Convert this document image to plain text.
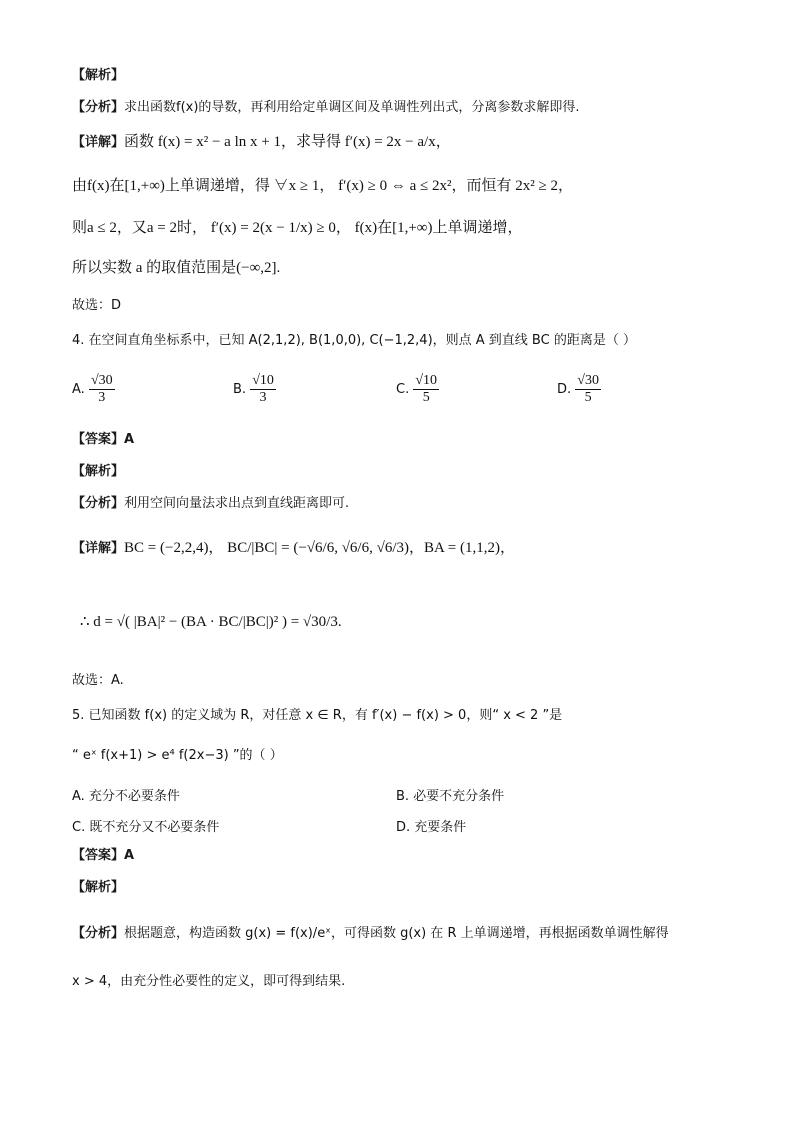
【解析】
【分析】求出函数f(x)的导数，再利用给定单调区间及单调性列出式，分离参数求解即得.
【详解】函数 f(x) = x² − a ln x + 1，求导得 f′(x) = 2x − a/x，
由f(x)在[1,+∞)上单调递增，得 ∀x ≥ 1， f′(x) ≥ 0 ⇔ a ≤ 2x²，而恒有 2x² ≥ 2，
则a ≤ 2，又a = 2时， f′(x) = 2(x − 1/x) ≥ 0， f(x)在[1,+∞)上单调递增，
所以实数 a 的取值范围是(−∞,2].
故选：D
4. 在空间直角坐标系中，已知 A(2,1,2), B(1,0,0), C(−1,2,4)，则点 A 到直线 BC 的距离是（ ）
A. $\frac{√30}{3}$	B. $\frac{√10}{3}$	C. $\frac{√10}{5}$	D. $\frac{√30}{5}$
【答案】A
【解析】
【分析】利用空间向量法求出点到直线距离即可.
【详解】BC = (−2,2,4)， BC/|BC| = (−√6/6, √6/6, √6/3)，BA = (1,1,2)，
∴ d = √( |BA|² − (BA · BC/|BC|)² ) = √30/3.
故选：A.
5. 已知函数 f(x) 的定义域为 R，对任意 x ∈ R，有 f′(x) − f(x) > 0，则“ x < 2 ”是
“ eˣ f(x+1) > e⁴ f(2x−3) ”的（ ）
A. 充分不必要条件	B. 必要不充分条件
C. 既不充分又不必要条件	D. 充要条件
【答案】A
【解析】
【分析】根据题意，构造函数 g(x) = f(x)/eˣ，可得函数 g(x) 在 R 上单调递增，再根据函数单调性解得
x > 4，由充分性必要性的定义，即可得到结果.
